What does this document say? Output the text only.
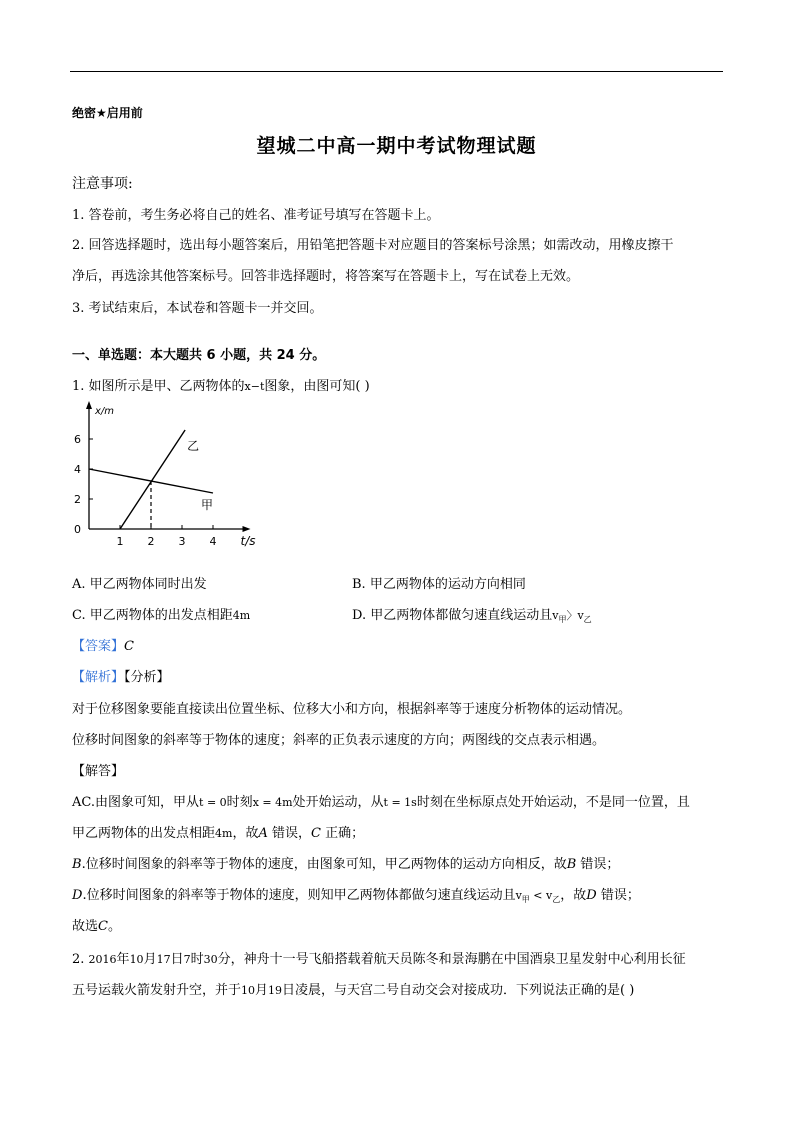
绝密★启用前
望城二中高一期中考试物理试题
注意事项:
1. 答卷前，考生务必将自己的姓名、准考证号填写在答题卡上。
2. 回答选择题时，选出每小题答案后，用铅笔把答题卡对应题目的答案标号涂黑；如需改动，用橡皮擦干
净后，再选涂其他答案标号。回答非选择题时，将答案写在答题卡上，写在试卷上无效。
3. 考试结束后，本试卷和答题卡一并交回。
一、单选题：本大题共 6 小题，共 24 分。
1. 如图所示是甲、乙两物体的x−t图象，由图可知( )
x/m
t/s
1 2 3 4
0
2
4
6
甲
乙
A. 甲乙两物体同时出发	B. 甲乙两物体的运动方向相同
C. 甲乙两物体的出发点相距4m	D. 甲乙两物体都做匀速直线运动且$v_甲$〉$v_乙$
【答案】C
【解析】【分析】
对于位移图象要能直接读出位置坐标、位移大小和方向，根据斜率等于速度分析物体的运动情况。
位移时间图象的斜率等于物体的速度；斜率的正负表示速度的方向；两图线的交点表示相遇。
【解答】
AC.由图象可知，甲从t = 0时刻x = 4m处开始运动，从t = 1s时刻在坐标原点处开始运动，不是同一位置，且
甲乙两物体的出发点相距4m，故A 错误，C 正确；
B.位移时间图象的斜率等于物体的速度，由图象可知，甲乙两物体的运动方向相反，故B 错误；
D.位移时间图象的斜率等于物体的速度，则知甲乙两物体都做匀速直线运动且$v_甲 < v_乙$，故D 错误；
故选C。
2. 2016年10月17日7时30分，神舟十一号飞船搭载着航天员陈冬和景海鹏在中国酒泉卫星发射中心利用长征
五号运载火箭发射升空，并于10月19日凌晨，与天宫二号自动交会对接成功．下列说法正确的是( )
